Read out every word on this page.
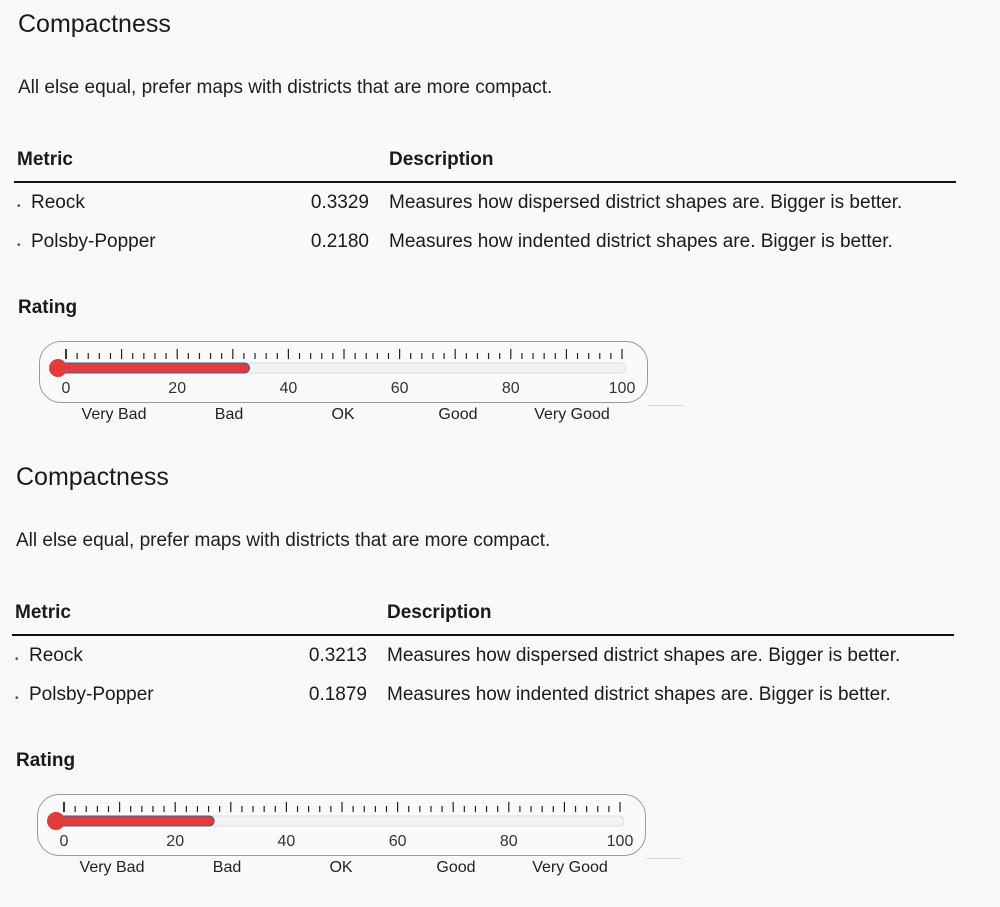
Compactness
All else equal, prefer maps with districts that are more compact.
Metric	Description
• Reock	0.3329 Measures how dispersed district shapes are. Bigger is better.
• Polsby-Popper	0.2180 Measures how indented district shapes are. Bigger is better.
Rating
0	20	40	60	80	100
Very Bad	Bad	OK	Good	Very Good
Compactness
All else equal, prefer maps with districts that are more compact.
Metric	Description
• Reock	0.3213 Measures how dispersed district shapes are. Bigger is better.
• Polsby-Popper	0.1879 Measures how indented district shapes are. Bigger is better.
Rating
0	20	40	60	80	100
Very Bad	Bad	OK	Good	Very Good
